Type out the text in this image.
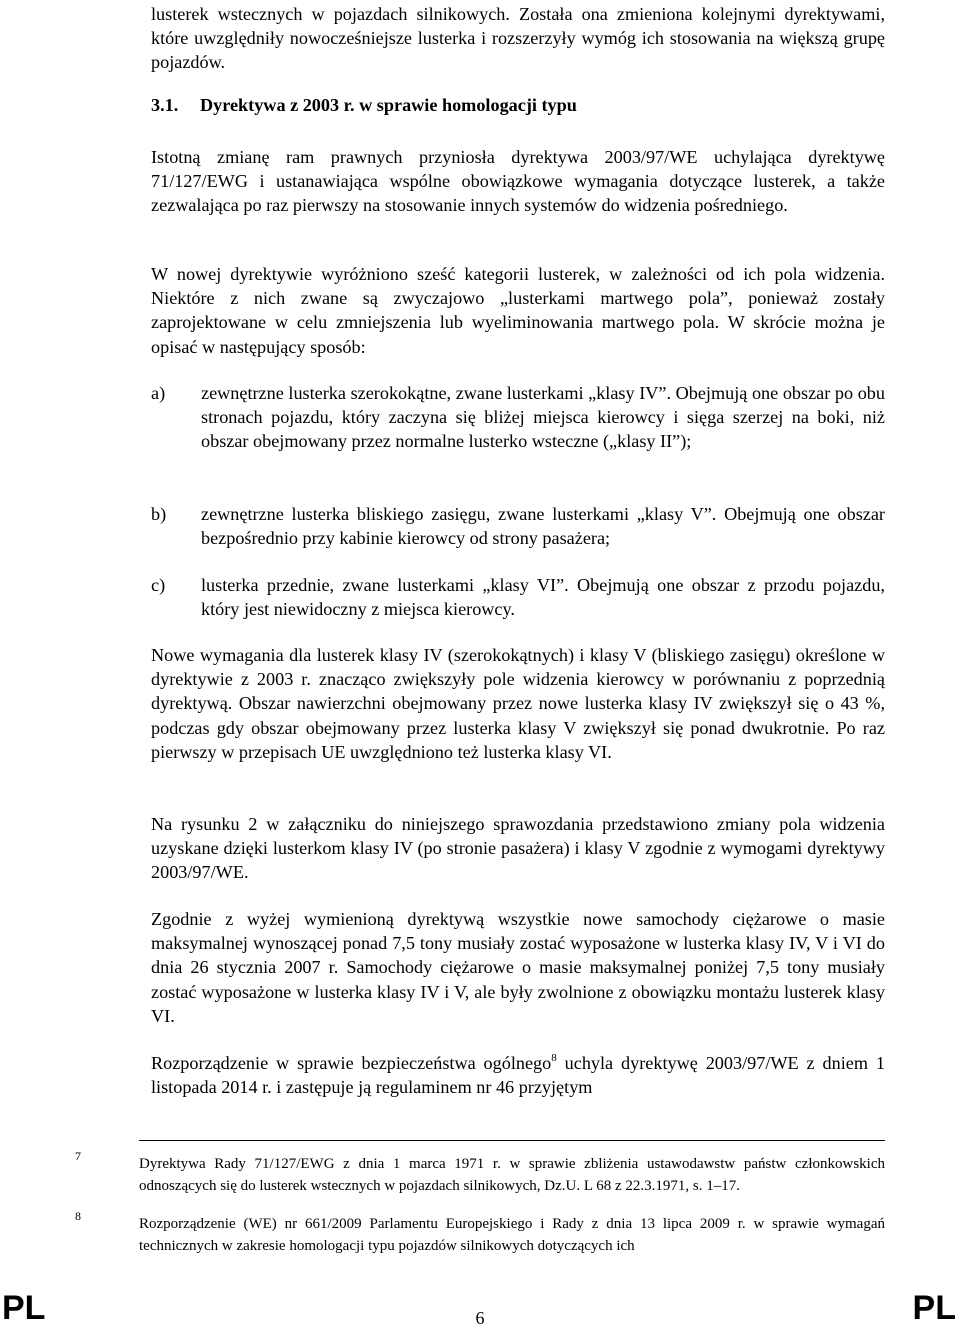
lusterek wstecznych w pojazdach silnikowych. Została ona zmieniona kolejnymi dyrektywami, które uwzględniły nowocześniejsze lusterka i rozszerzyły wymóg ich stosowania na większą grupę pojazdów.

3.1. Dyrektywa z 2003 r. w sprawie homologacji typu

Istotną zmianę ram prawnych przyniosła dyrektywa 2003/97/WE uchylająca dyrektywę 71/127/EWG i ustanawiająca wspólne obowiązkowe wymagania dotyczące lusterek, a także zezwalająca po raz pierwszy na stosowanie innych systemów do widzenia pośredniego.

W nowej dyrektywie wyróżniono sześć kategorii lusterek, w zależności od ich pola widzenia. Niektóre z nich zwane są zwyczajowo „lusterkami martwego pola”, ponieważ zostały zaprojektowane w celu zmniejszenia lub wyeliminowania martwego pola. W skrócie można je opisać w następujący sposób:

a) zewnętrzne lusterka szerokokątne, zwane lusterkami „klasy IV”. Obejmują one obszar po obu stronach pojazdu, który zaczyna się bliżej miejsca kierowcy i sięga szerzej na boki, niż obszar obejmowany przez normalne lusterko wsteczne („klasy II”);
b) zewnętrzne lusterka bliskiego zasięgu, zwane lusterkami „klasy V”. Obejmują one obszar bezpośrednio przy kabinie kierowcy od strony pasażera;
c) lusterka przednie, zwane lusterkami „klasy VI”. Obejmują one obszar z przodu pojazdu, który jest niewidoczny z miejsca kierowcy.

Nowe wymagania dla lusterek klasy IV (szerokokątnych) i klasy V (bliskiego zasięgu) określone w dyrektywie z 2003 r. znacząco zwiększyły pole widzenia kierowcy w porównaniu z poprzednią dyrektywą. Obszar nawierzchni obejmowany przez nowe lusterka klasy IV zwiększył się o 43 %, podczas gdy obszar obejmowany przez lusterka klasy V zwiększył się ponad dwukrotnie. Po raz pierwszy w przepisach UE uwzględniono też lusterka klasy VI.

Na rysunku 2 w załączniku do niniejszego sprawozdania przedstawiono zmiany pola widzenia uzyskane dzięki lusterkom klasy IV (po stronie pasażera) i klasy V zgodnie z wymogami dyrektywy 2003/97/WE.

Zgodnie z wyżej wymienioną dyrektywą wszystkie nowe samochody ciężarowe o masie maksymalnej wynoszącej ponad 7,5 tony musiały zostać wyposażone w lusterka klasy IV, V i VI do dnia 26 stycznia 2007 r. Samochody ciężarowe o masie maksymalnej poniżej 7,5 tony musiały zostać wyposażone w lusterka klasy IV i V, ale były zwolnione z obowiązku montażu lusterek klasy VI.

Rozporządzenie w sprawie bezpieczeństwa ogólnego$^8$ uchyla dyrektywę 2003/97/WE z dniem 1 listopada 2014 r. i zastępuje ją regulaminem nr 46 przyjętym

7	Dyrektywa Rady 71/127/EWG z dnia 1 marca 1971 r. w sprawie zbliżenia ustawodawstw państw członkowskich odnoszących się do lusterek wstecznych w pojazdach silnikowych, Dz.U. L 68 z 22.3.1971, s. 1–17.
8	Rozporządzenie (WE) nr 661/2009 Parlamentu Europejskiego i Rady z dnia 13 lipca 2009 r. w sprawie wymagań technicznych w zakresie homologacji typu pojazdów silnikowych dotyczących ich
PL	6	PL
